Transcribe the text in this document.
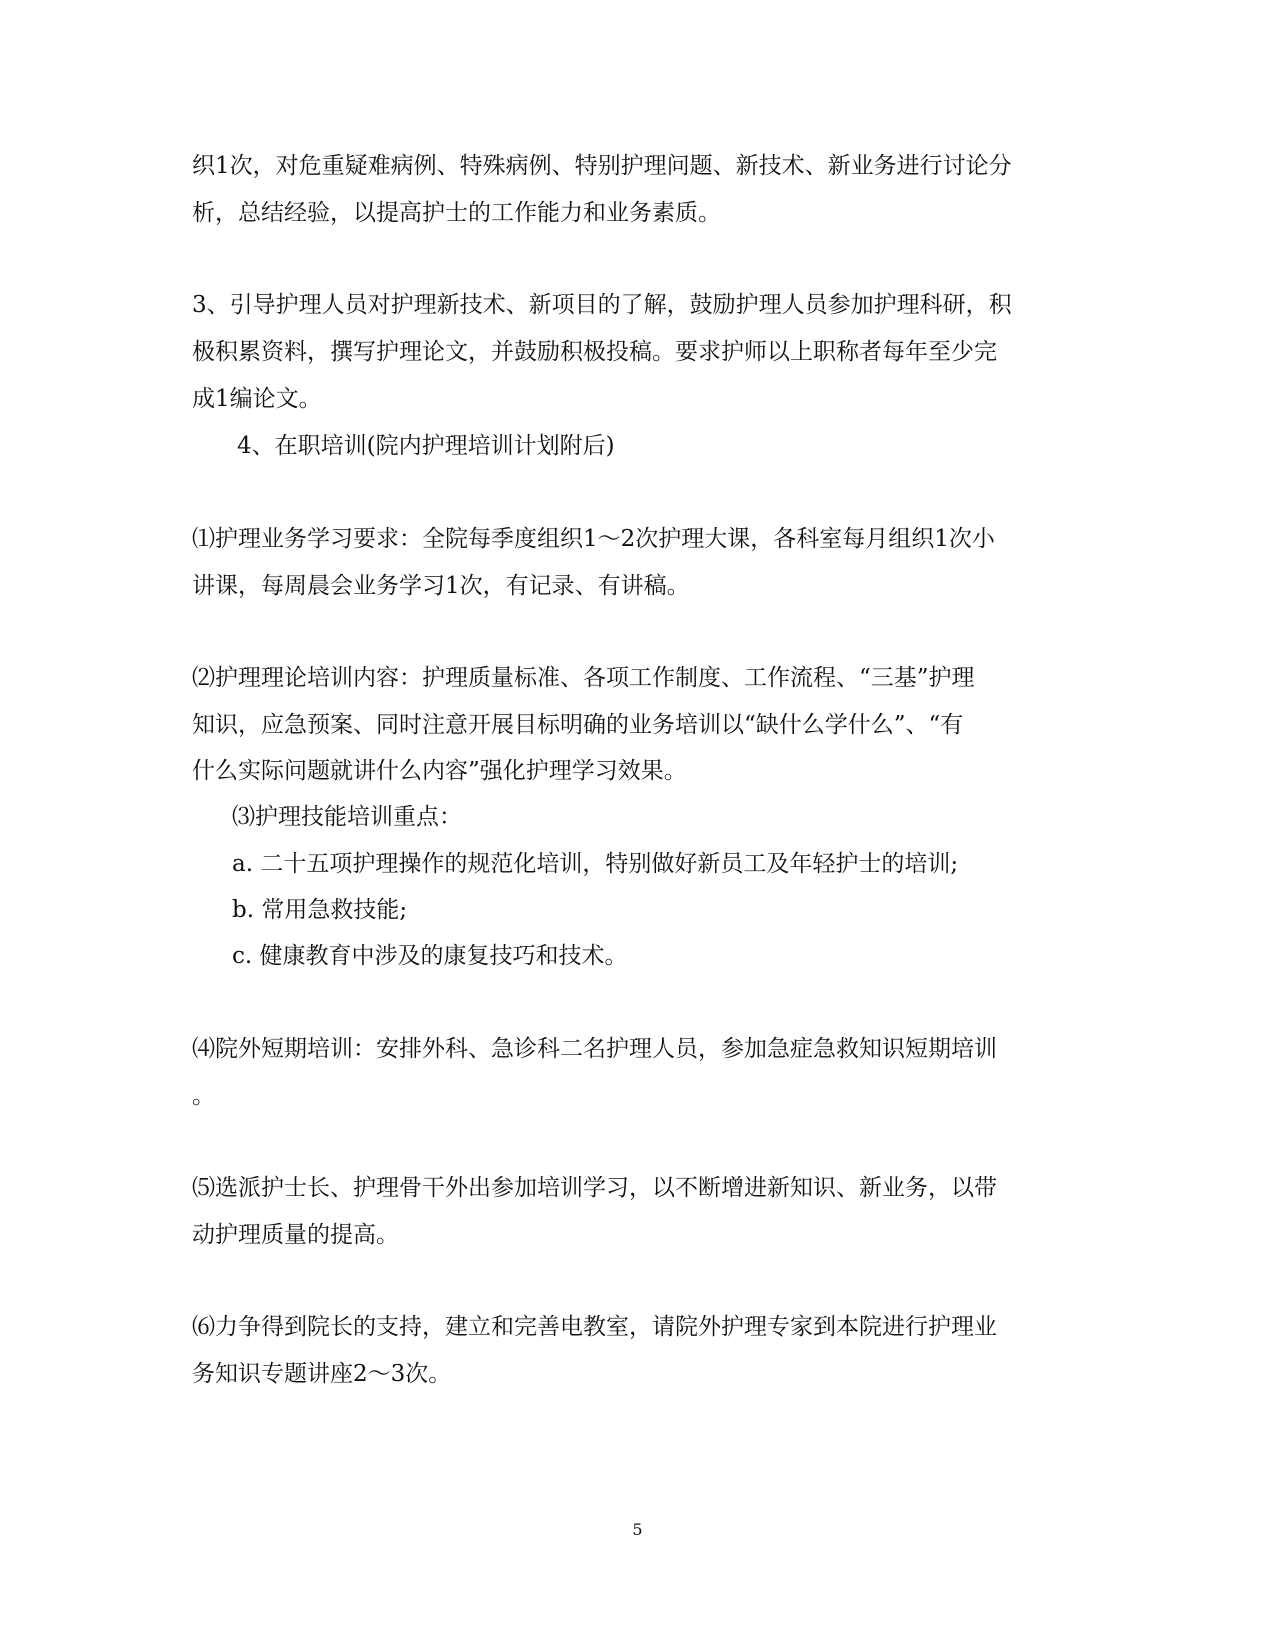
织1次，对危重疑难病例、特殊病例、特别护理问题、新技术、新业务进行讨论分
析，总结经验，以提高护士的工作能力和业务素质。
3、引导护理人员对护理新技术、新项目的了解，鼓励护理人员参加护理科研，积
极积累资料，撰写护理论文，并鼓励积极投稿。要求护师以上职称者每年至少完
成1编论文。
4、在职培训(院内护理培训计划附后)
⑴护理业务学习要求：全院每季度组织1～2次护理大课，各科室每月组织1次小
讲课，每周晨会业务学习1次，有记录、有讲稿。
⑵护理理论培训内容：护理质量标准、各项工作制度、工作流程、“三基”护理
知识，应急预案、同时注意开展目标明确的业务培训以“缺什么学什么”、“有
什么实际问题就讲什么内容”强化护理学习效果。
⑶护理技能培训重点：
a. 二十五项护理操作的规范化培训，特别做好新员工及年轻护士的培训;
b. 常用急救技能;
c. 健康教育中涉及的康复技巧和技术。
⑷院外短期培训：安排外科、急诊科二名护理人员，参加急症急救知识短期培训
。
⑸选派护士长、护理骨干外出参加培训学习，以不断增进新知识、新业务，以带
动护理质量的提高。
⑹力争得到院长的支持，建立和完善电教室，请院外护理专家到本院进行护理业
务知识专题讲座2～3次。
5
